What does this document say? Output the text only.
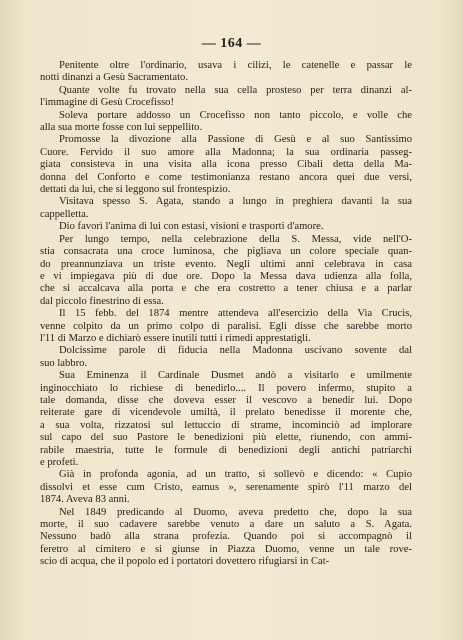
— 164 —
Penitente oltre l'ordinario, usava i cilizi, le catenelle e passar le
notti dinanzi a Gesù Sacramentato.
Quante volte fu trovato nella sua cella prosteso per terra dinanzi al-
l'immagine di Gesù Crocefisso!
Soleva portare addosso un Crocefisso non tanto piccolo, e volle che
alla sua morte fosse con lui seppellito.
Promosse la divozione alla Passione di Gesù e al suo Santissimo
Cuore. Fervido il suo amore alla Madonna; la sua ordinaria passeg-
giata consisteva in una visita alla icona presso Cibali detta della Ma-
donna del Conforto e come testimonianza restano ancora quei due versi,
dettati da lui, che si leggono sul frontespizio.
Visitava spesso S. Agata, stando a lungo in preghiera davanti la sua
cappelletta.
Dio favorì l'anima di lui con estasi, visioni e trasporti d'amore.
Per lungo tempo, nella celebrazione della S. Messa, vide nell'O-
stia consacrata una croce luminosa, che pigliava un colore speciale quan-
do preannunziava un triste evento. Negli ultimi anni celebrava in casa
e vi impiegava più di due ore. Dopo la Messa dava udienza alla folla,
che si accalcava alla porta e che era costretto a tener chiusa e a parlar
dal piccolo finestrino di essa.
Il 15 febb. del 1874 mentre attendeva all'esercizio della Via Crucis,
venne colpito da un primo colpo di paralisi. Egli disse che sarebbe morto
l'11 di Marzo e dichiarò essere inutili tutti i rimedi apprestatigli.
Dolcissime parole di fiducia nella Madonna uscivano sovente dal
suo labbro.
Sua Eminenza il Cardinale Dusmet andò a visitarlo e umilmente
inginocchiato lo richiese di benedirlo.... Il povero infermo, stupito a
tale domanda, disse che doveva esser il vescovo a benedir lui. Dopo
reiterate gare di vicendevole umiltà, il prelato benedisse il morente che,
a sua volta, rizzatosi sul lettuccio di strame, incominciò ad implorare
sul capo del suo Pastore le benedizioni più elette, riunendo, con ammi-
rabile maestria, tutte le formule di benedizioni degli antichi patriarchi
e profeti.
Già in profonda agonia, ad un tratto, si sollevò e dicendo: « Cupio
dissolvi et esse cum Cristo, eamus », serenamente spirò l'11 marzo del
1874. Aveva 83 anni.
Nel 1849 predicando al Duomo, aveva predetto che, dopo la sua
morte, il suo cadavere sarebbe venuto a dare un saluto a S. Agata.
Nessuno badò alla strana profezia. Quando poi si accompagnò il
feretro al cimitero e si giunse in Piazza Duomo, venne un tale rove-
scio di acqua, che il popolo ed i portatori dovettero rifugiarsi in Cat-
